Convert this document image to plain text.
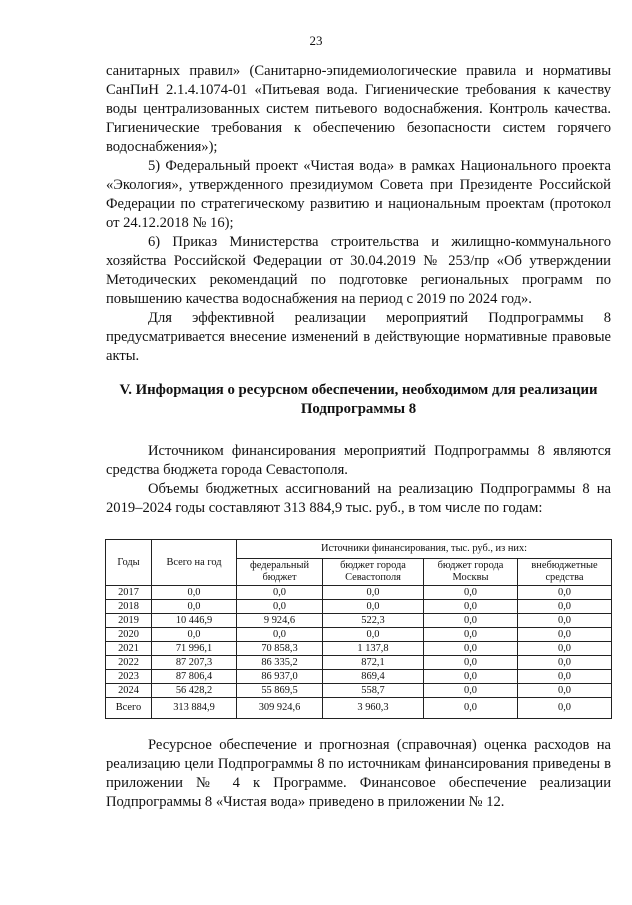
23

санитарных правил» (Санитарно-эпидемиологические правила и нормативы СанПиН 2.1.4.1074-01 «Питьевая вода. Гигиенические требования к качеству воды централизованных систем питьевого водоснабжения. Контроль качества. Гигиенические требования к обеспечению безопасности систем горячего водоснабжения»);

5) Федеральный проект «Чистая вода» в рамках Национального проекта «Экология», утвержденного президиумом Совета при Президенте Российской Федерации по стратегическому развитию и национальным проектам (протокол от 24.12.2018 № 16);

6) Приказ Министерства строительства и жилищно-коммунального хозяйства Российской Федерации от 30.04.2019 № 253/пр «Об утверждении Методических рекомендаций по подготовке региональных программ по повышению качества водоснабжения на период с 2019 по 2024 год».

Для эффективной реализации мероприятий Подпрограммы 8 предусматривается внесение изменений в действующие нормативные правовые акты.

V. Информация о ресурсном обеспечении, необходимом для реализации Подпрограммы 8

Источником финансирования мероприятий Подпрограммы 8 являются средства бюджета города Севастополя.

Объемы бюджетных ассигнований на реализацию Подпрограммы 8 на 2019–2024 годы составляют 313 884,9 тыс. руб., в том числе по годам:

Годы	Всего на год	Источники финансирования, тыс. руб., из них:			
		федеральный бюджет	бюджет города Севастополя	бюджет города Москвы	внебюджетные средства
2017	0,0	0,0	0,0	0,0	0,0
2018	0,0	0,0	0,0	0,0	0,0
2019	10 446,9	9 924,6	522,3	0,0	0,0
2020	0,0	0,0	0,0	0,0	0,0
2021	71 996,1	70 858,3	1 137,8	0,0	0,0
2022	87 207,3	86 335,2	872,1	0,0	0,0
2023	87 806,4	86 937,0	869,4	0,0	0,0
2024	56 428,2	55 869,5	558,7	0,0	0,0
Всего	313 884,9	309 924,6	3 960,3	0,0	0,0

Ресурсное обеспечение и прогнозная (справочная) оценка расходов на реализацию цели Подпрограммы 8 по источникам финансирования приведены в приложении № 4 к Программе. Финансовое обеспечение реализации Подпрограммы 8 «Чистая вода» приведено в приложении № 12.
